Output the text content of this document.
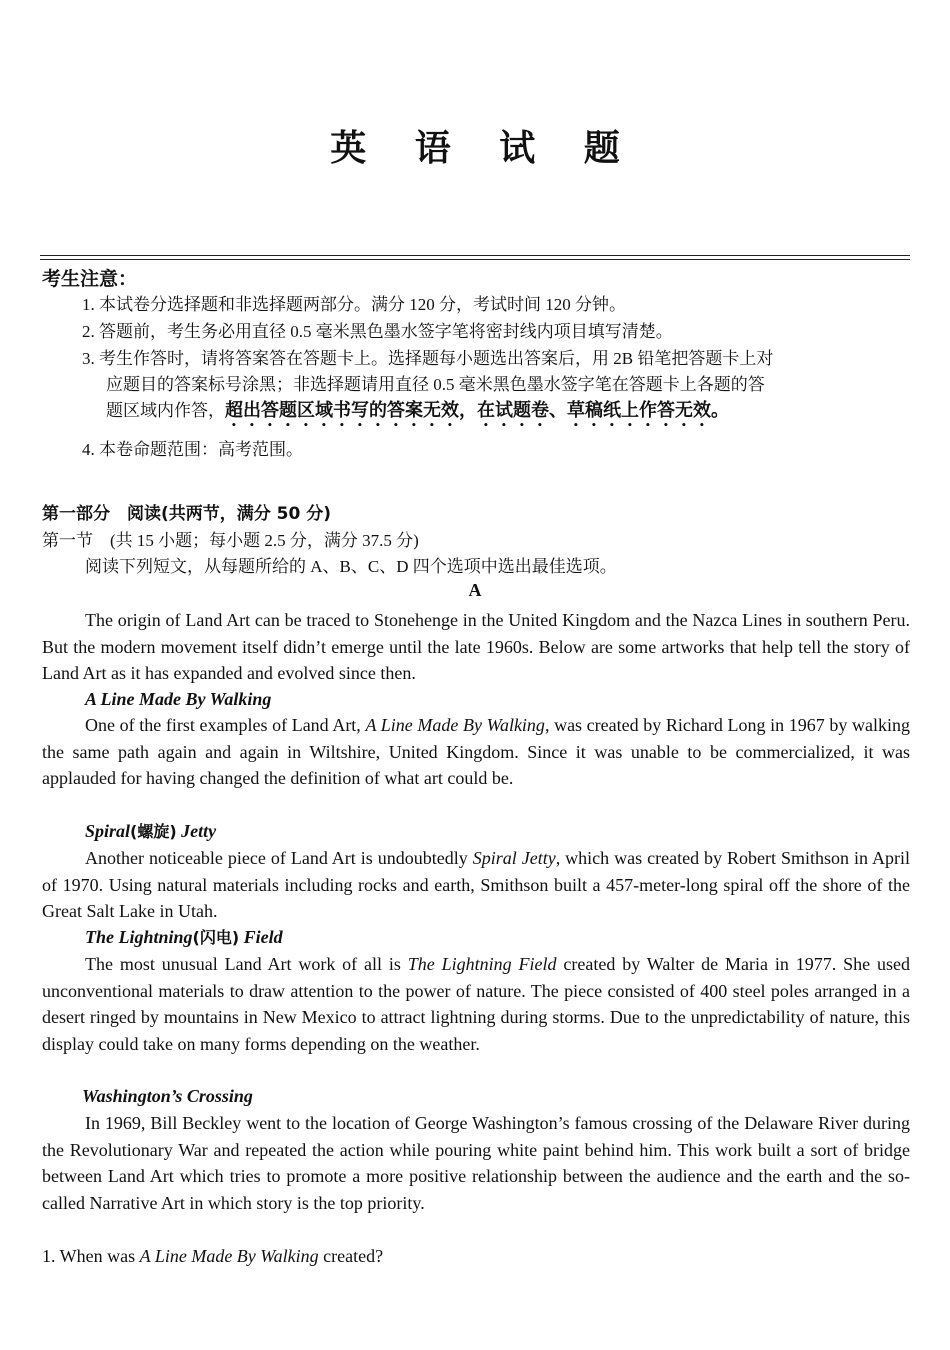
英 语 试 题
考生注意：
1. 本试卷分选择题和非选择题两部分。满分 120 分，考试时间 120 分钟。
2. 答题前，考生务必用直径 0.5 毫米黑色墨水签字笔将密封线内项目填写清楚。
3. 考生作答时，请将答案答在答题卡上。选择题每小题选出答案后，用 2B 铅笔把答题卡上对
应题目的答案标号涂黑；非选择题请用直径 0.5 毫米黑色墨水签字笔在答题卡上各题的答
题区域内作答，超出答题区域书写的答案无效，在试题卷、草稿纸上作答无效。
4. 本卷命题范围：高考范围。
第一部分　阅读(共两节，满分 50 分)
第一节　(共 15 小题；每小题 2.5 分，满分 37.5 分)
阅读下列短文，从每题所给的 A、B、C、D 四个选项中选出最佳选项。
A
The origin of Land Art can be traced to Stonehenge in the United Kingdom and the Nazca Lines in southern Peru. But the modern movement itself didn’t emerge until the late 1960s. Below are some artworks that help tell the story of Land Art as it has expanded and evolved since then.
A Line Made By Walking
One of the first examples of Land Art, A Line Made By Walking, was created by Richard Long in 1967 by walking the same path again and again in Wiltshire, United Kingdom. Since it was unable to be commercialized, it was applauded for having changed the definition of what art could be.
Spiral(螺旋) Jetty
Another noticeable piece of Land Art is undoubtedly Spiral Jetty, which was created by Robert Smithson in April of 1970. Using natural materials including rocks and earth, Smithson built a 457-meter-long spiral off the shore of the Great Salt Lake in Utah.
The Lightning(闪电) Field
The most unusual Land Art work of all is The Lightning Field created by Walter de Maria in 1977. She used unconventional materials to draw attention to the power of nature. The piece consisted of 400 steel poles arranged in a desert ringed by mountains in New Mexico to attract lightning during storms. Due to the unpredictability of nature, this display could take on many forms depending on the weather.
Washington’s Crossing
In 1969, Bill Beckley went to the location of George Washington’s famous crossing of the Delaware River during the Revolutionary War and repeated the action while pouring white paint behind him. This work built a sort of bridge between Land Art which tries to promote a more positive relationship between the audience and the earth and the so-called Narrative Art in which story is the top priority.
1. When was A Line Made By Walking created?
